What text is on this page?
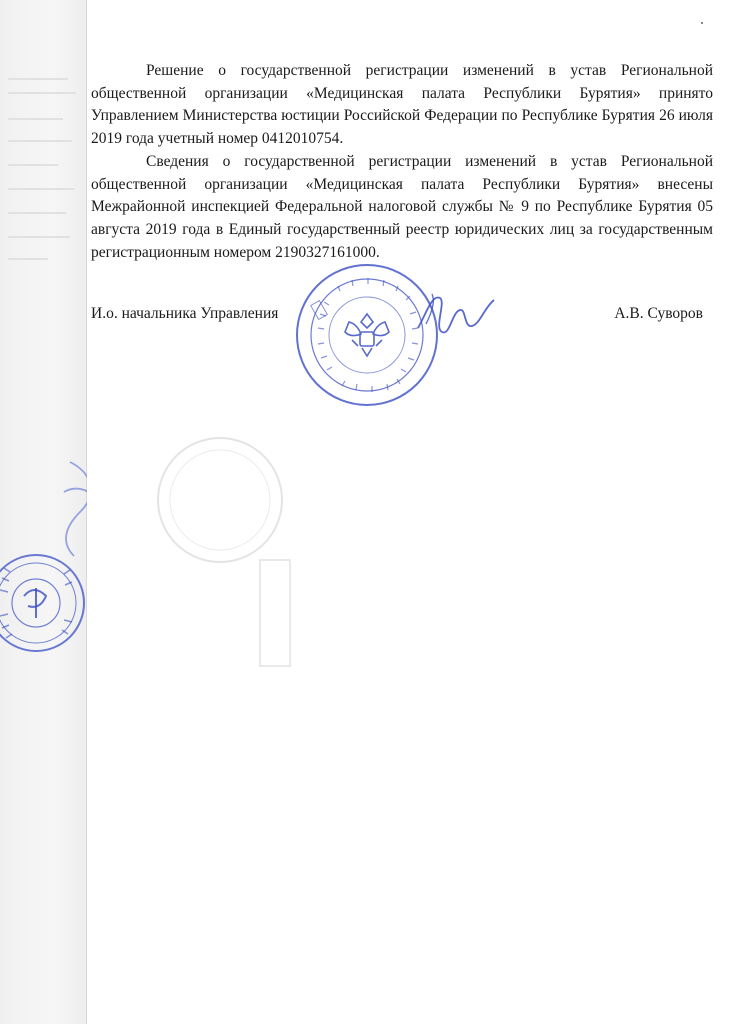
Решение о государственной регистрации изменений в устав Региональной общественной организации «Медицинская палата Республики Бурятия» принято Управлением Министерства юстиции Российской Федерации по Республике Бурятия 26 июля 2019 года учетный номер 0412010754.

Сведения о государственной регистрации изменений в устав Региональной общественной организации «Медицинская палата Республики Бурятия» внесены Межрайонной инспекцией Федеральной налоговой службы № 9 по Республике Бурятия 05 августа 2019 года в Единый государственный реестр юридических лиц за государственным регистрационным номером 2190327161000.

И.о. начальника Управления	А.В. Суворов
